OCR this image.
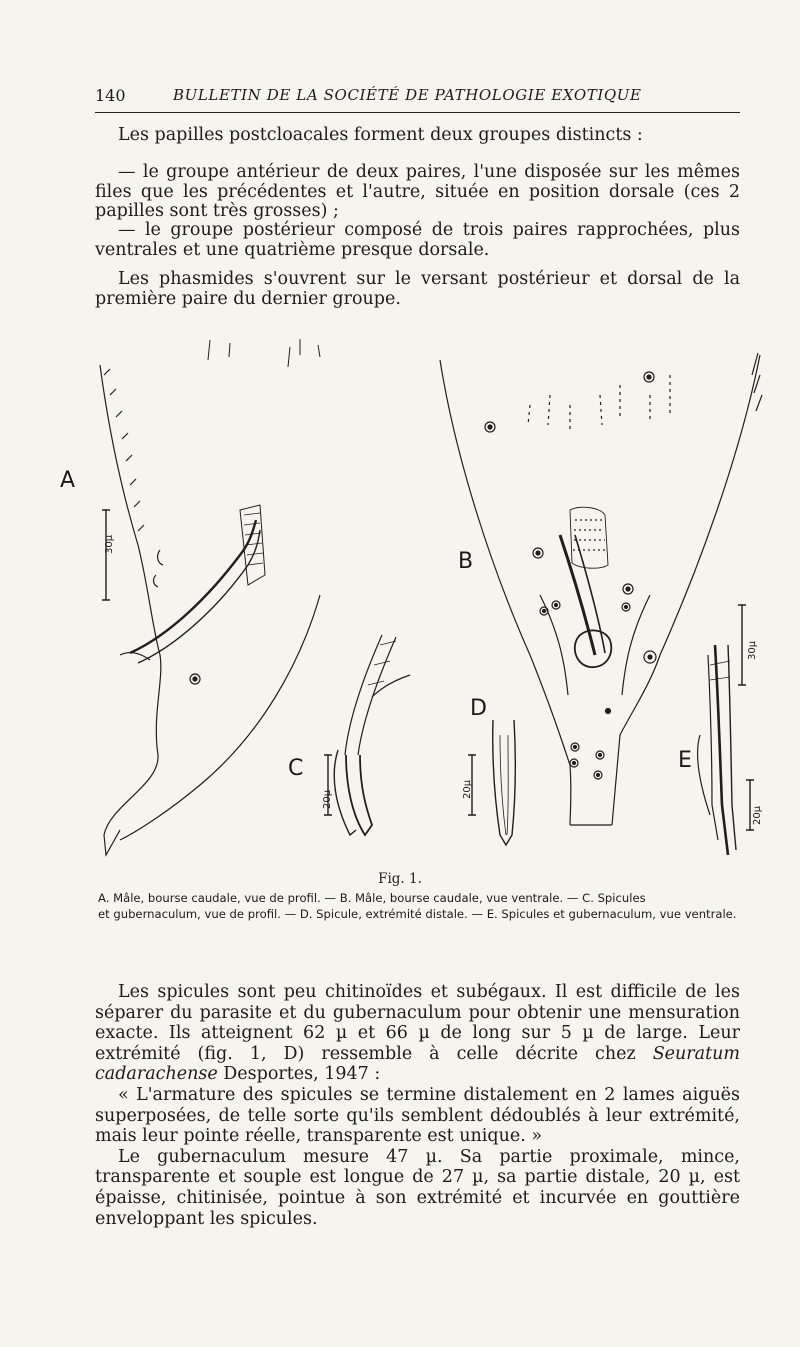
140	BULLETIN DE LA SOCIÉTÉ DE PATHOLOGIE EXOTIQUE

Les papilles postcloacales forment deux groupes distincts :

— le groupe antérieur de deux paires, l'une disposée sur les mêmes files que les précédentes et l'autre, située en position dorsale (ces 2 papilles sont très grosses) ;

— le groupe postérieur composé de trois paires rapprochées, plus ventrales et une quatrième presque dorsale.

Les phasmides s'ouvrent sur le versant postérieur et dorsal de la première paire du dernier groupe.

A
30µ
B
30µ
C
20µ
D
20µ
E
20µ
Fig. 1.

A. Mâle, bourse caudale, vue de profil. — B. Mâle, bourse caudale, vue ventrale. — C. Spicules
et gubernaculum, vue de profil. — D. Spicule, extrémité distale. — E. Spicules et gubernaculum, vue ventrale.

Les spicules sont peu chitinoïdes et subégaux. Il est difficile de les séparer du parasite et du gubernaculum pour obtenir une mensuration exacte. Ils atteignent 62 µ et 66 µ de long sur 5 µ de large. Leur extrémité (fig. 1, D) ressemble à celle décrite chez Seuratum cadarachense Desportes, 1947 :

« L'armature des spicules se termine distalement en 2 lames aiguës superposées, de telle sorte qu'ils semblent dédoublés à leur extrémité, mais leur pointe réelle, transparente est unique. »

Le gubernaculum mesure 47 µ. Sa partie proximale, mince, transparente et souple est longue de 27 µ, sa partie distale, 20 µ, est épaisse, chitinisée, pointue à son extrémité et incurvée en gouttière enveloppant les spicules.
